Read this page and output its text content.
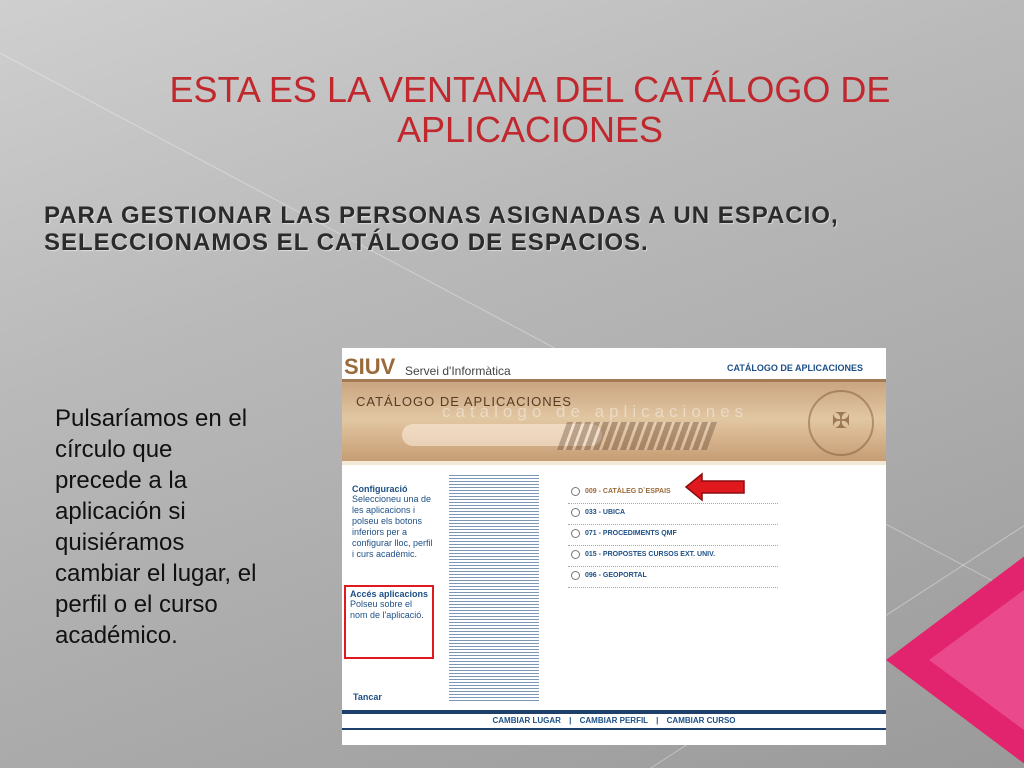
ESTA ES LA VENTANA DEL CATÁLOGO DE APLICACIONES
PARA GESTIONAR LAS PERSONAS ASIGNADAS A UN ESPACIO, SELECCIONAMOS EL CATÁLOGO DE ESPACIOS.
Pulsaríamos en el círculo que precede a la aplicación si quisiéramos cambiar el lugar, el perfil o el curso académico.
SIUV Servei d'Informàtica	CATÁLOGO DE APLICACIONES
catálogo de aplicaciones
CATÁLOGO DE APLICACIONES
✠

Configuració

Seleccioneu una de les aplicacions i polseu els botons inferiors per a configurar lloc, perfil i curs acadèmic.

Accés aplicacions

Polseu sobre el nom de l'aplicació.

Tancar
009 - CATÀLEG D`ESPAIS
033 - UBICA
071 - PROCEDIMENTS QMF
015 - PROPOSTES CURSOS EXT. UNIV.
096 - GEOPORTAL
CAMBIAR LUGAR | CAMBIAR PERFIL | CAMBIAR CURSO
